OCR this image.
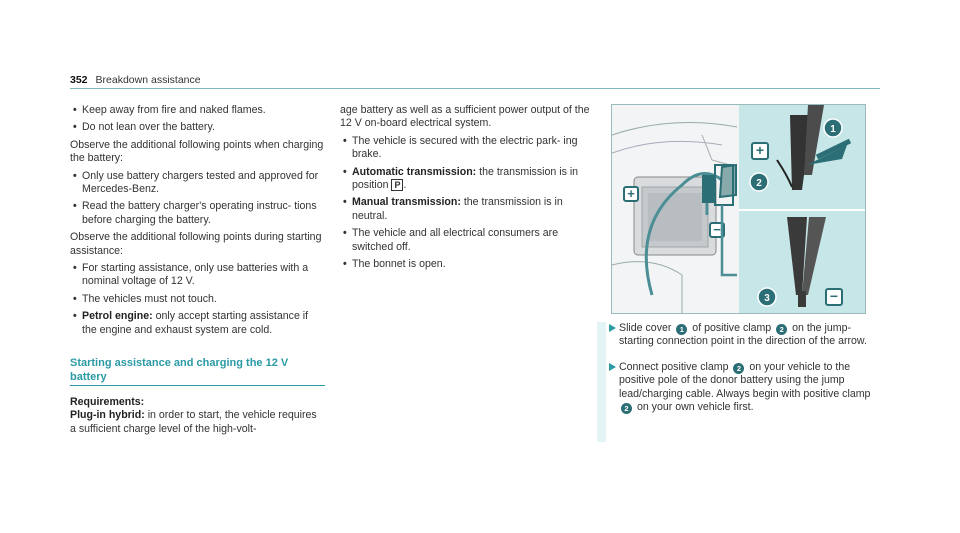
352 Breakdown assistance
• Keep away from fire and naked flames.
• Do not lean over the battery.

Observe the additional following points when charging the battery:

• Only use battery chargers tested and approved for Mercedes-Benz.
• Read the battery charger's operating instruc- tions before charging the battery.

Observe the additional following points during starting assistance:

• For starting assistance, only use batteries with a nominal voltage of 12 V.
• The vehicles must not touch.
• Petrol engine: only accept starting assistance if the engine and exhaust system are cold.
Starting assistance and charging the 12 V battery

Requirements:

Plug-in hybrid: in order to start, the vehicle requires a sufficient charge level of the high-volt-

age battery as well as a sufficient power output of the 12 V on-board electrical system.

• The vehicle is secured with the electric park- ing brake.
• Automatic transmission: the transmission is in position P .
• Manual transmission: the transmission is in neutral.
• The vehicle and all electrical consumers are switched off.
• The bonnet is open.
+
−
+
1
2
3	−
Slide cover 1 of positive clamp 2 on the jump-starting connection point in the direction of the arrow.
Connect positive clamp 2 on your vehicle to the positive pole of the donor battery using the jump lead/charging cable. Always begin with positive clamp 2 on your own vehicle first.
